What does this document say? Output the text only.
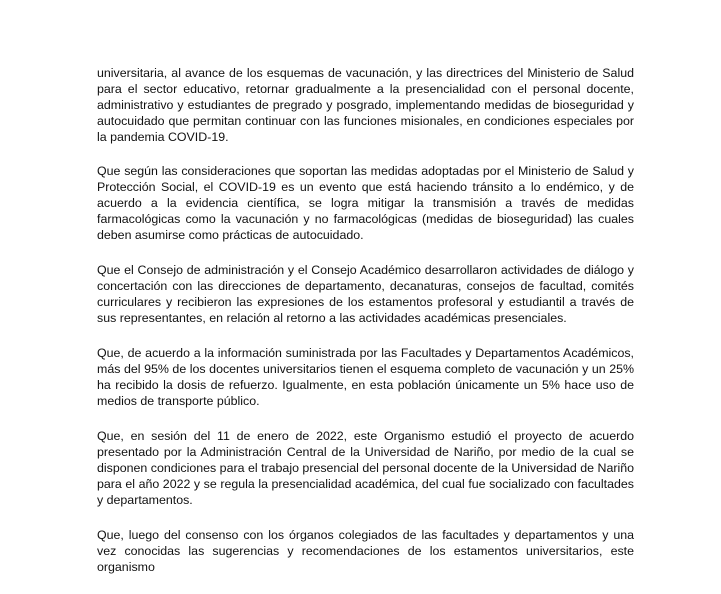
universitaria, al avance de los esquemas de vacunación, y las directrices del Ministerio de Salud para el sector educativo, retornar gradualmente a la presencialidad con el personal docente, administrativo y estudiantes de pregrado y posgrado, implementando medidas de bioseguridad y autocuidado que permitan continuar con las funciones misionales, en condiciones especiales por la pandemia COVID-19.

Que según las consideraciones que soportan las medidas adoptadas por el Ministerio de Salud y Protección Social, el COVID-19 es un evento que está haciendo tránsito a lo endémico, y de acuerdo a la evidencia científica, se logra mitigar la transmisión a través de medidas farmacológicas como la vacunación y no farmacológicas (medidas de bioseguridad) las cuales deben asumirse como prácticas de autocuidado.

Que el Consejo de administración y el Consejo Académico desarrollaron actividades de diálogo y concertación con las direcciones de departamento, decanaturas, consejos de facultad, comités curriculares y recibieron las expresiones de los estamentos profesoral y estudiantil a través de sus representantes, en relación al retorno a las actividades académicas presenciales.

Que, de acuerdo a la información suministrada por las Facultades y Departamentos Académicos, más del 95% de los docentes universitarios tienen el esquema completo de vacunación y un 25% ha recibido la dosis de refuerzo. Igualmente, en esta población únicamente un 5% hace uso de medios de transporte público.

Que, en sesión del 11 de enero de 2022, este Organismo estudió el proyecto de acuerdo presentado por la Administración Central de la Universidad de Nariño, por medio de la cual se disponen condiciones para el trabajo presencial del personal docente de la Universidad de Nariño para el año 2022 y se regula la presencialidad académica, del cual fue socializado con facultades y departamentos.

Que, luego del consenso con los órganos colegiados de las facultades y departamentos y una vez conocidas las sugerencias y recomendaciones de los estamentos universitarios, este organismo
